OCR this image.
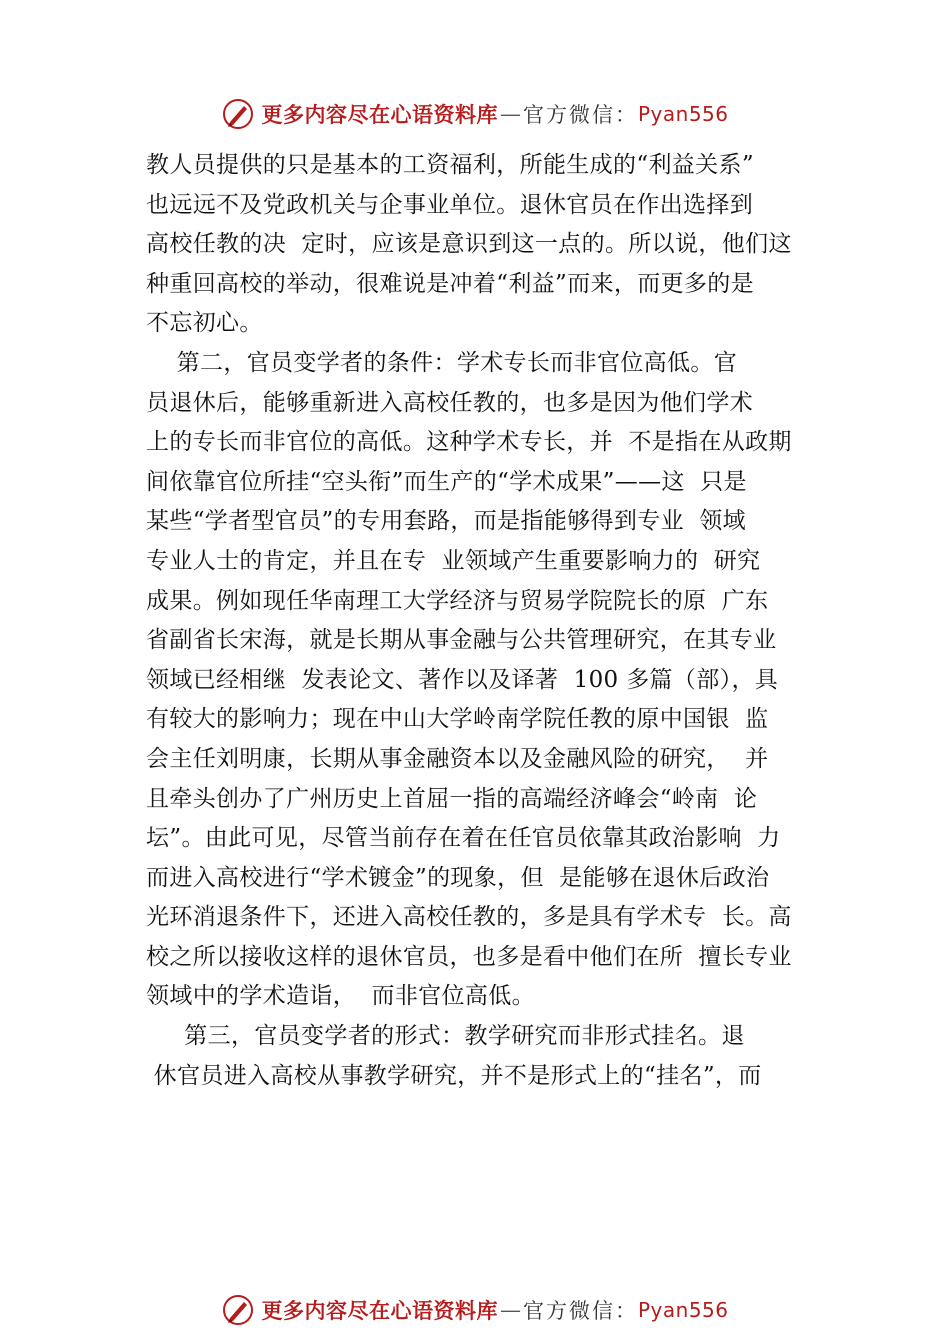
更多内容尽在心语资料库 — 官方微信： Pyan556
教人员提供的只是基本的工资福利，所能生成的“利益关系”
也远远不及党政机关与企事业单位。退休官员在作出选择到
高校任教的决  定时，应该是意识到这一点的。所以说，他们这
种重回高校的举动，很难说是冲着“利益”而来，而更多的是
不忘初心。
第二，官员变学者的条件：学术专长而非官位高低。官
员退休后，能够重新进入高校任教的，也多是因为他们学术
上的专长而非官位的高低。这种学术专长，并  不是指在从政期
间依靠官位所挂“空头衔”而生产的“学术成果”——这  只是
某些“学者型官员”的专用套路，而是指能够得到专业  领域
专业人士的肯定，并且在专  业领域产生重要影响力的  研究
成果。例如现任华南理工大学经济与贸易学院院长的原  广东
省副省长宋海，就是长期从事金融与公共管理研究，在其专业
领域已经相继  发表论文、著作以及译著  100 多篇（部），具
有较大的影响力；现在中山大学岭南学院任教的原中国银  监
会主任刘明康，长期从事金融资本以及金融风险的研究，  并
且牵头创办了广州历史上首屈一指的高端经济峰会“岭南  论
坛”。由此可见，尽管当前存在着在任官员依靠其政治影响  力
而进入高校进行“学术镀金”的现象，但  是能够在退休后政治
光环消退条件下，还进入高校任教的，多是具有学术专  长。高
校之所以接收这样的退休官员，也多是看中他们在所  擅长专业
领域中的学术造诣，  而非官位高低。
第三，官员变学者的形式：教学研究而非形式挂名。退
休官员进入高校从事教学研究，并不是形式上的“挂名”，而
更多内容尽在心语资料库 — 官方微信： Pyan556
